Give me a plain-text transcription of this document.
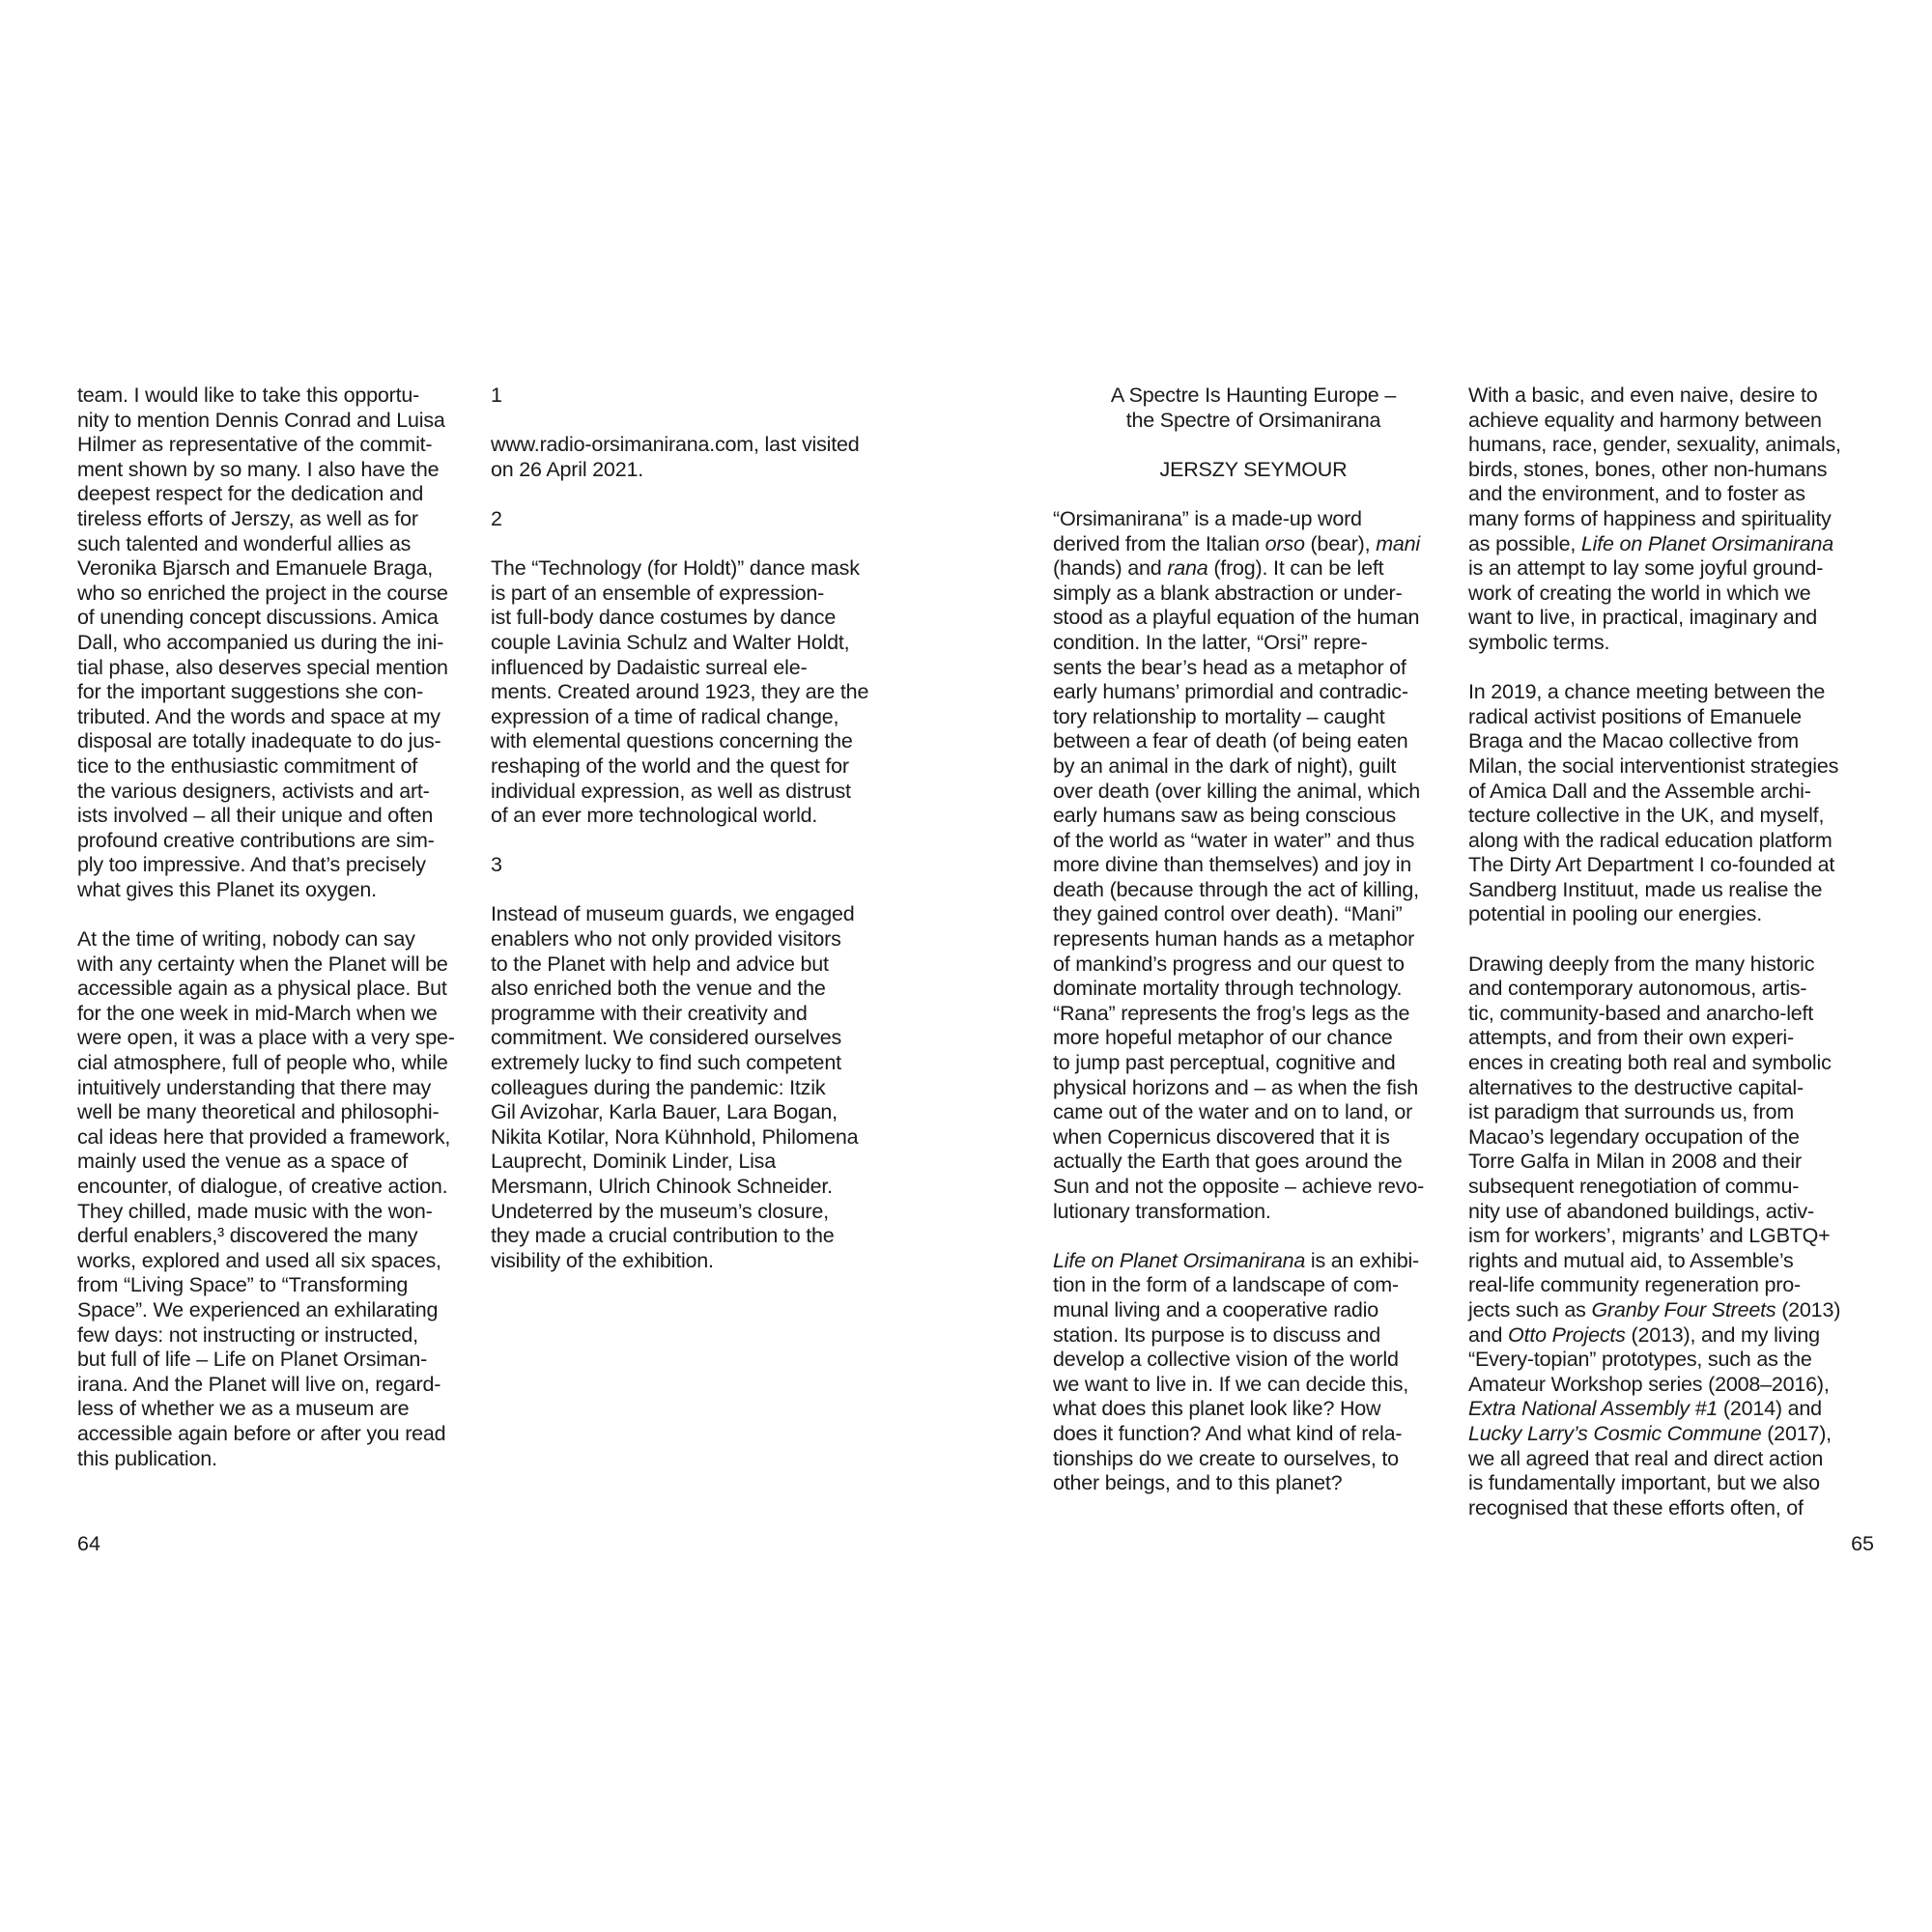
team. I would like to take this opportu-
nity to mention Dennis Conrad and Luisa
Hilmer as representative of the commit-
ment shown by so many. I also have the
deepest respect for the dedication and
tireless efforts of Jerszy, as well as for
such talented and wonderful allies as
Veronika Bjarsch and Emanuele Braga,
who so enriched the project in the course
of unending concept discussions. Amica
Dall, who accompanied us during the ini-
tial phase, also deserves special mention
for the important suggestions she con-
tributed. And the words and space at my
disposal are totally inadequate to do jus-
tice to the enthusiastic commitment of
the various designers, activists and art-
ists involved – all their unique and often
profound creative contributions are sim-
ply too impressive. And that’s precisely
what gives this Planet its oxygen.

At the time of writing, nobody can say
with any certainty when the Planet will be
accessible again as a physical place. But
for the one week in mid-March when we
were open, it was a place with a very spe-
cial atmosphere, full of people who, while
intuitively understanding that there may
well be many theoretical and philosophi-
cal ideas here that provided a framework,
mainly used the venue as a space of
encounter, of dialogue, of creative action.
They chilled, made music with the won-
derful enablers,³ discovered the many
works, explored and used all six spaces,
from “Living Space” to “Transforming
Space”. We experienced an exhilarating
few days: not instructing or instructed,
but full of life – Life on Planet Orsiman-
irana. And the Planet will live on, regard-
less of whether we as a museum are
accessible again before or after you read
this publication.

1

www.radio-orsimanirana.com, last visited
on 26 April 2021.

2

The “Technology (for Holdt)” dance mask
is part of an ensemble of expression-
ist full-body dance costumes by dance
couple Lavinia Schulz and Walter Holdt,
influenced by Dadaistic surreal ele-
ments. Created around 1923, they are the
expression of a time of radical change,
with elemental questions concerning the
reshaping of the world and the quest for
individual expression, as well as distrust
of an ever more technological world.

3

Instead of museum guards, we engaged
enablers who not only provided visitors
to the Planet with help and advice but
also enriched both the venue and the
programme with their creativity and
commitment. We considered ourselves
extremely lucky to find such competent
colleagues during the pandemic: Itzik
Gil Avizohar, Karla Bauer, Lara Bogan,
Nikita Kotilar, Nora Kühnhold, Philomena
Lauprecht, Dominik Linder, Lisa
Mersmann, Ulrich Chinook Schneider.
Undeterred by the museum’s closure,
they made a crucial contribution to the
visibility of the exhibition.

A Spectre Is Haunting Europe –
the Spectre of Orsimanirana

JERSZY SEYMOUR

“Orsimanirana” is a made-up word
derived from the Italian orso (bear), mani
(hands) and rana (frog). It can be left
simply as a blank abstraction or under-
stood as a playful equation of the human
condition. In the latter, “Orsi” repre-
sents the bear’s head as a metaphor of
early humans’ primordial and contradic-
tory relationship to mortality – caught
between a fear of death (of being eaten
by an animal in the dark of night), guilt
over death (over killing the animal, which
early humans saw as being conscious
of the world as “water in water” and thus
more divine than themselves) and joy in
death (because through the act of killing,
they gained control over death). “Mani”
represents human hands as a metaphor
of mankind’s progress and our quest to
dominate mortality through technology.
“Rana” represents the frog’s legs as the
more hopeful metaphor of our chance
to jump past perceptual, cognitive and
physical horizons and – as when the fish
came out of the water and on to land, or
when Copernicus discovered that it is
actually the Earth that goes around the
Sun and not the opposite – achieve revo-
lutionary transformation.

Life on Planet Orsimanirana is an exhibi-
tion in the form of a landscape of com-
munal living and a cooperative radio
station. Its purpose is to discuss and
develop a collective vision of the world
we want to live in. If we can decide this,
what does this planet look like? How
does it function? And what kind of rela-
tionships do we create to ourselves, to
other beings, and to this planet?

With a basic, and even naive, desire to
achieve equality and harmony between
humans, race, gender, sexuality, animals,
birds, stones, bones, other non-humans
and the environment, and to foster as
many forms of happiness and spirituality
as possible, Life on Planet Orsimanirana
is an attempt to lay some joyful ground-
work of creating the world in which we
want to live, in practical, imaginary and
symbolic terms.

In 2019, a chance meeting between the
radical activist positions of Emanuele
Braga and the Macao collective from
Milan, the social interventionist strategies
of Amica Dall and the Assemble archi-
tecture collective in the UK, and myself,
along with the radical education platform
The Dirty Art Department I co-founded at
Sandberg Instituut, made us realise the
potential in pooling our energies.

Drawing deeply from the many historic
and contemporary autonomous, artis-
tic, community-based and anarcho-left
attempts, and from their own experi-
ences in creating both real and symbolic
alternatives to the destructive capital-
ist paradigm that surrounds us, from
Macao’s legendary occupation of the
Torre Galfa in Milan in 2008 and their
subsequent renegotiation of commu-
nity use of abandoned buildings, activ-
ism for workers’, migrants’ and LGBTQ+
rights and mutual aid, to Assemble’s
real-life community regeneration pro-
jects such as Granby Four Streets (2013)
and Otto Projects (2013), and my living
“Every-topian” prototypes, such as the
Amateur Workshop series (2008–2016),
Extra National Assembly #1 (2014) and
Lucky Larry’s Cosmic Commune (2017),
we all agreed that real and direct action
is fundamentally important, but we also
recognised that these efforts often, of

64	65
